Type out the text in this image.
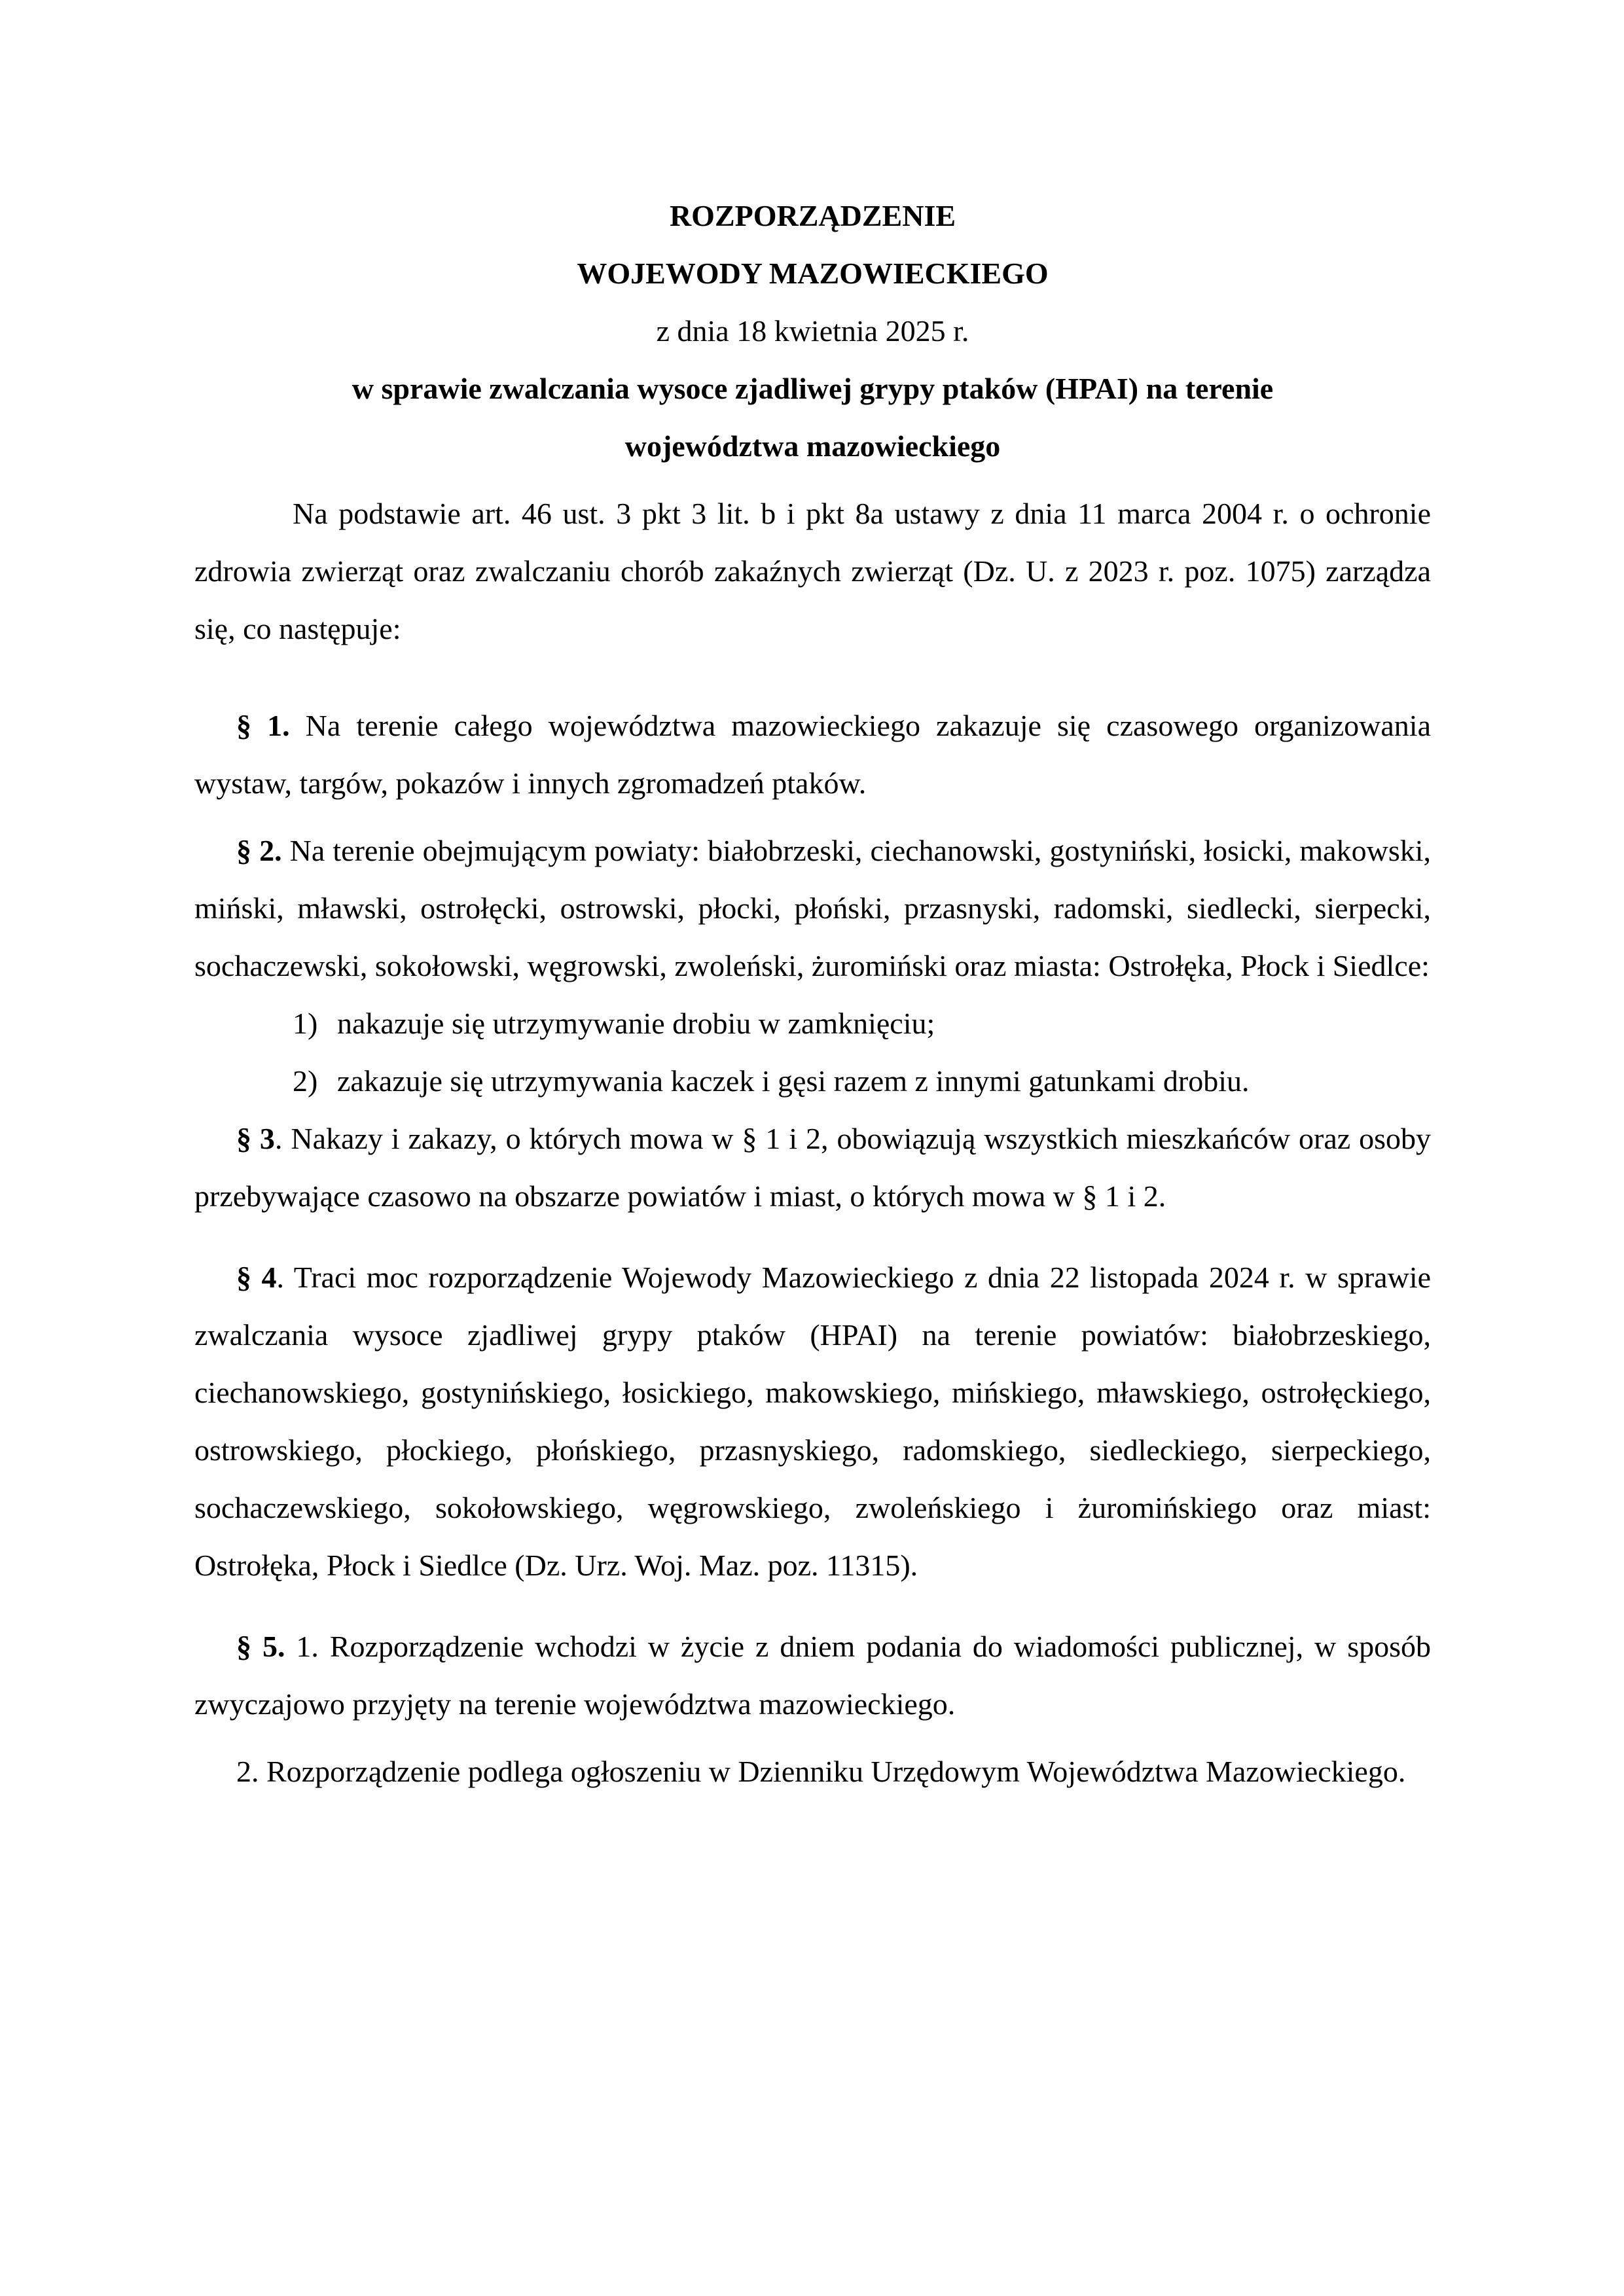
ROZPORZĄDZENIE
WOJEWODY MAZOWIECKIEGO

z dnia 18 kwietnia 2025 r.

w sprawie zwalczania wysoce zjadliwej grypy ptaków (HPAI) na terenie
województwa mazowieckiego

Na podstawie art. 46 ust. 3 pkt 3 lit. b i pkt 8a ustawy z dnia 11 marca 2004 r. o ochronie zdrowia zwierząt oraz zwalczaniu chorób zakaźnych zwierząt (Dz. U. z 2023 r. poz. 1075) zarządza się, co następuje:

§ 1. Na terenie całego województwa mazowieckiego zakazuje się czasowego organizowania wystaw, targów, pokazów i innych zgromadzeń ptaków.

§ 2. Na terenie obejmującym powiaty: białobrzeski, ciechanowski, gostyniński, łosicki, makowski, miński, mławski, ostrołęcki, ostrowski, płocki, płoński, przasnyski, radomski, siedlecki, sierpecki, sochaczewski, sokołowski, węgrowski, zwoleński, żuromiński oraz miasta: Ostrołęka, Płock i Siedlce:

1) nakazuje się utrzymywanie drobiu w zamknięciu;
2) zakazuje się utrzymywania kaczek i gęsi razem z innymi gatunkami drobiu.

§ 3. Nakazy i zakazy, o których mowa w § 1 i 2, obowiązują wszystkich mieszkańców oraz osoby przebywające czasowo na obszarze powiatów i miast, o których mowa w § 1 i 2.

§ 4. Traci moc rozporządzenie Wojewody Mazowieckiego z dnia 22 listopada 2024 r. w sprawie zwalczania wysoce zjadliwej grypy ptaków (HPAI) na terenie powiatów: białobrzeskiego, ciechanowskiego, gostynińskiego, łosickiego, makowskiego, mińskiego, mławskiego, ostrołęckiego, ostrowskiego, płockiego, płońskiego, przasnyskiego, radomskiego, siedleckiego, sierpeckiego, sochaczewskiego, sokołowskiego, węgrowskiego, zwoleńskiego i żuromińskiego oraz miast: Ostrołęka, Płock i Siedlce (Dz. Urz. Woj. Maz. poz. 11315).

§ 5. 1. Rozporządzenie wchodzi w życie z dniem podania do wiadomości publicznej, w sposób zwyczajowo przyjęty na terenie województwa mazowieckiego.

2. Rozporządzenie podlega ogłoszeniu w Dzienniku Urzędowym Województwa Mazowieckiego.
